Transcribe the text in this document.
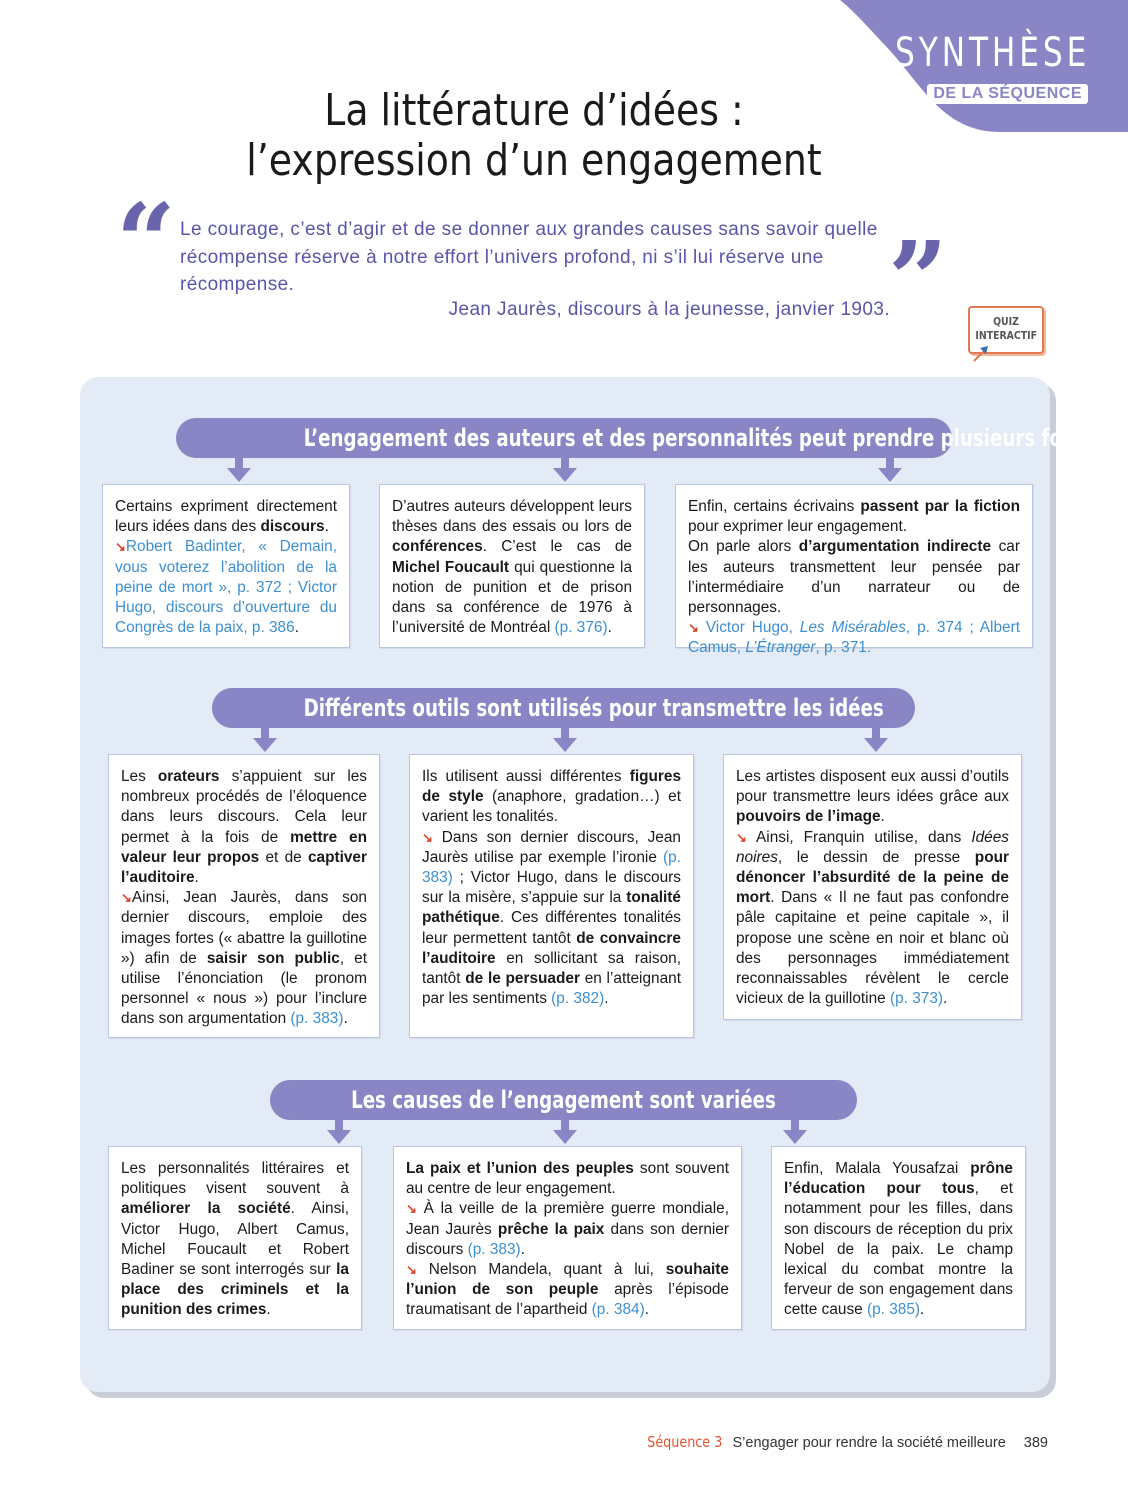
SYNTHÈSE
DE LA SÉQUENCE
La littérature d’idées :
l’expression d’un engagement
“ Le courage, c’est d’agir et de se donner aux grandes causes sans savoir quelle récompense réserve à notre effort l’univers profond, ni s’il lui réserve une récompense.	”
Jean Jaurès, discours à la jeunesse, janvier 1903.
QUIZ
INTERACTIF
L’engagement des auteurs et des personnalités peut prendre plusieurs formes
Certains expriment directement leurs idées dans des discours.
↘Robert Badinter, « Demain, vous voterez l’abolition de la peine de mort », p. 372 ; Victor Hugo, discours d’ouverture du Congrès de la paix, p. 386.
D’autres auteurs développent leurs thèses dans des essais ou lors de conférences. C’est le cas de Michel Foucault qui questionne la notion de punition et de prison dans sa conférence de 1976 à l’université de Montréal (p. 376).
Enfin, certains écrivains passent par la fiction pour exprimer leur engagement.
On parle alors d’argumentation indirecte car les auteurs transmettent leur pensée par l’intermédiaire d’un narrateur ou de personnages.
↘ Victor Hugo, Les Misérables, p. 374 ; Albert Camus, L’Étranger, p. 371.
Différents outils sont utilisés pour transmettre les idées
Les orateurs s’appuient sur les nombreux procédés de l’éloquence dans leurs discours. Cela leur permet à la fois de mettre en valeur leur propos et de captiver l’auditoire.
↘Ainsi, Jean Jaurès, dans son dernier discours, emploie des images fortes (« abattre la guillotine ») afin de saisir son public, et utilise l’énonciation (le pronom personnel « nous ») pour l’inclure dans son argumentation (p. 383).
Ils utilisent aussi différentes figures de style (anaphore, gradation…) et varient les tonalités.
↘ Dans son dernier discours, Jean Jaurès utilise par exemple l’ironie (p. 383) ; Victor Hugo, dans le discours sur la misère, s’appuie sur la tonalité pathétique. Ces différentes tonalités leur permettent tantôt de convaincre l’auditoire en sollicitant sa raison, tantôt de le persuader en l’atteignant par les sentiments (p. 382).
Les artistes disposent eux aussi d’outils pour transmettre leurs idées grâce aux pouvoirs de l’image.
↘ Ainsi, Franquin utilise, dans Idées noires, le dessin de presse pour dénoncer l’absurdité de la peine de mort. Dans « Il ne faut pas confondre pâle capitaine et peine capitale », il propose une scène en noir et blanc où des personnages immédiatement reconnaissables révèlent le cercle vicieux de la guillotine (p. 373).
Les causes de l’engagement sont variées
Les personnalités littéraires et politiques visent souvent à améliorer la société. Ainsi, Victor Hugo, Albert Camus, Michel Foucault et Robert Badiner se sont interrogés sur la place des criminels et la punition des crimes.
La paix et l’union des peuples sont souvent au centre de leur engagement.
↘ À la veille de la première guerre mondiale, Jean Jaurès prêche la paix dans son dernier discours (p. 383).
↘ Nelson Mandela, quant à lui, souhaite l’union de son peuple après l’épisode traumatisant de l’apartheid (p. 384).
Enfin, Malala Yousafzai prône l’éducation pour tous, et notamment pour les filles, dans son discours de réception du prix Nobel de la paix. Le champ lexical du combat montre la ferveur de son engagement dans cette cause (p. 385).
Séquence 3 S’engager pour rendre la société meilleure 389
